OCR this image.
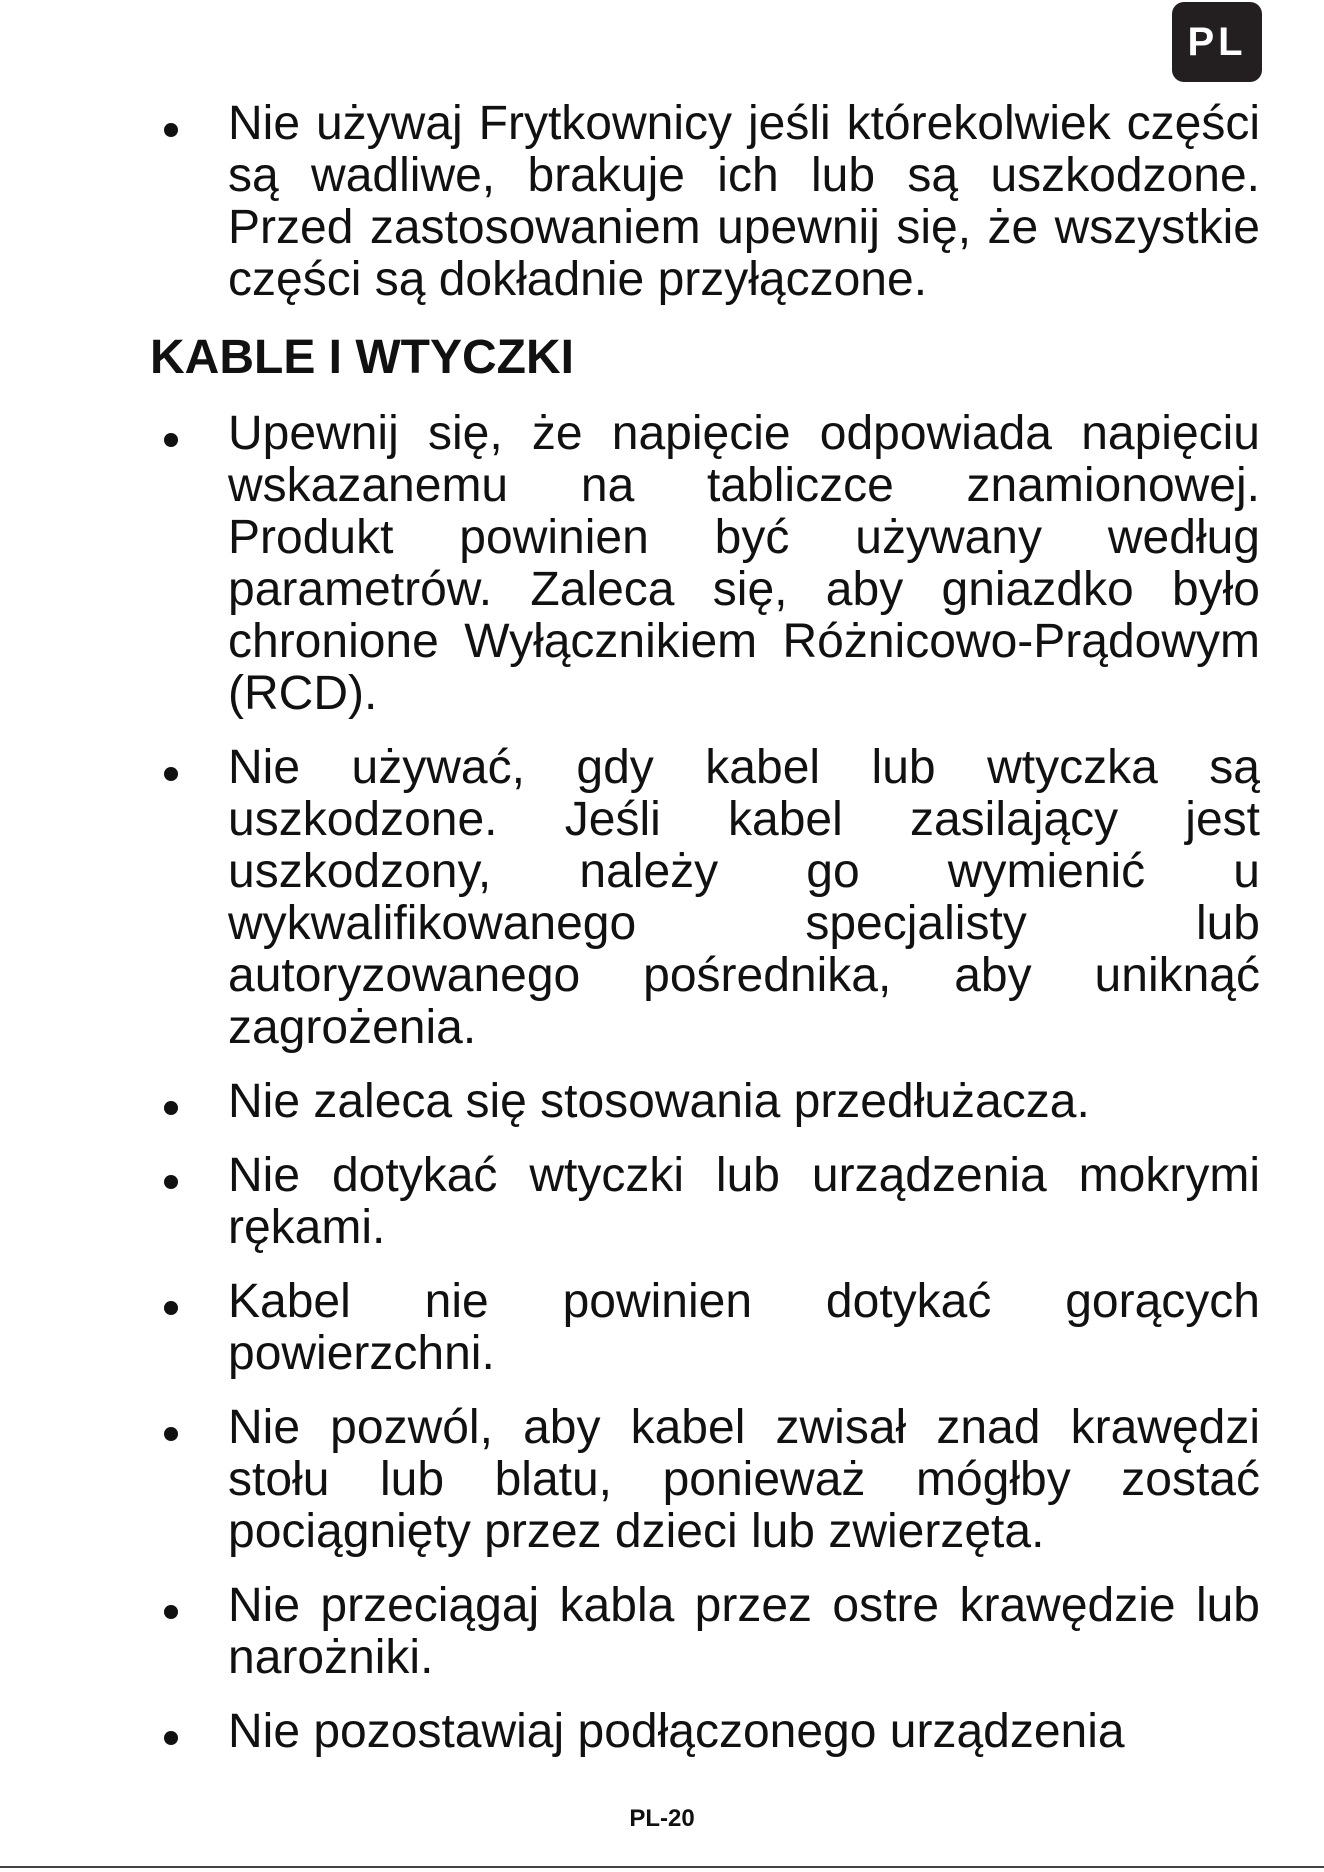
PL
Nie używaj Frytkownicy jeśli którekolwiek części są wadliwe, brakuje ich lub są uszkodzone. Przed zastosowaniem upewnij się, że wszystkie części są dokładnie przyłączone.
KABLE I WTYCZKI
Upewnij się, że napięcie odpowiada napięciu wskazanemu na tabliczce znamionowej. Produkt powinien być używany według parametrów. Zaleca się, aby gniazdko było chronione Wyłącznikiem Różnicowo-Prądowym (RCD).
Nie używać, gdy kabel lub wtyczka są uszkodzone. Jeśli kabel zasilający jest uszkodzony, należy go wymienić u wykwalifikowanego specjalisty lub autoryzowanego pośrednika, aby uniknąć zagrożenia.
Nie zaleca się stosowania przedłużacza.
Nie dotykać wtyczki lub urządzenia mokrymi rękami.
Kabel nie powinien dotykać gorących powierzchni.
Nie pozwól, aby kabel zwisał znad krawędzi stołu lub blatu, ponieważ mógłby zostać pociągnięty przez dzieci lub zwierzęta.
Nie przeciągaj kabla przez ostre krawędzie lub narożniki.
Nie pozostawiaj podłączonego urządzenia
PL-20
